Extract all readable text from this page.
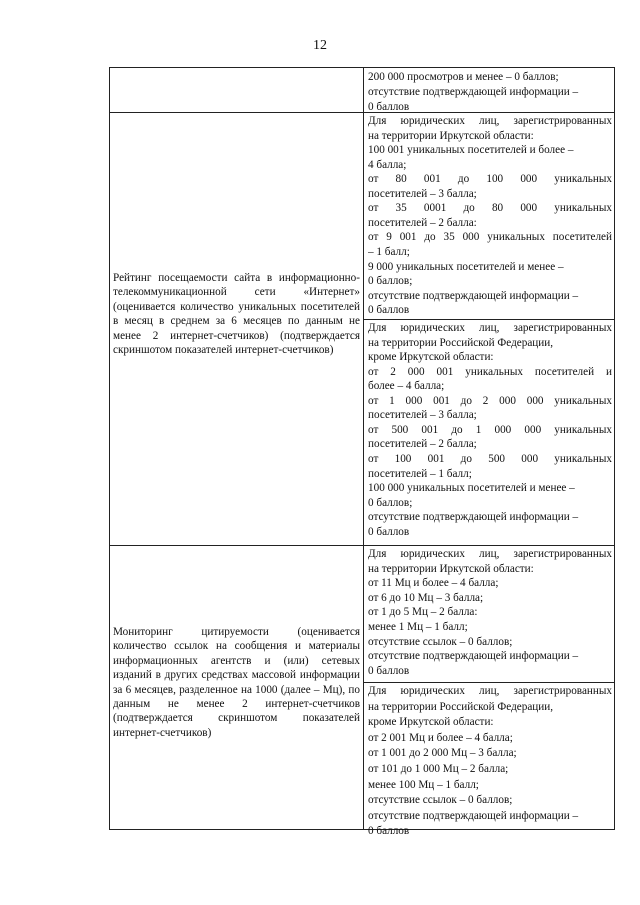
12
Рейтинг посещаемости сайта в информационно-телекоммуникационной сети «Интернет» (оценивается количество уникальных посетителей в месяц в среднем за 6 месяцев по данным не менее 2 интернет-счетчиков) (подтверждается скриншотом показателей интернет-счетчиков)
Мониторинг цитируемости (оценивается количество ссылок на сообщения и материалы информационных агентств и (или) сетевых изданий в других средствах массовой информации за 6 месяцев, разделенное на 1000 (далее – Мц), по данным не менее 2 интернет-счетчиков (подтверждается скриншотом показателей интернет-счетчиков)
200 000 просмотров и менее – 0 баллов;
отсутствие подтверждающей информации –
0 баллов
Для юридических лиц, зарегистрированных
на территории Иркутской области:
100 001 уникальных посетителей и более –
4 балла;
от 80 001 до 100 000 уникальных
посетителей – 3 балла;
от 35 0001 до 80 000 уникальных
посетителей – 2 балла:
от 9 001 до 35 000 уникальных посетителей
– 1 балл;
9 000 уникальных посетителей и менее –
0 баллов;
отсутствие подтверждающей информации –
0 баллов
Для юридических лиц, зарегистрированных
на территории Российской Федерации,
кроме Иркутской области:
от 2 000 001 уникальных посетителей и
более – 4 балла;
от 1 000 001 до 2 000 000 уникальных
посетителей – 3 балла;
от 500 001 до 1 000 000 уникальных
посетителей – 2 балла;
от 100 001 до 500 000 уникальных
посетителей – 1 балл;
100 000 уникальных посетителей и менее –
0 баллов;
отсутствие подтверждающей информации –
0 баллов
Для юридических лиц, зарегистрированных
на территории Иркутской области:
от 11 Мц и более – 4 балла;
от 6 до 10 Мц – 3 балла;
от 1 до 5 Мц – 2 балла:
менее 1 Мц – 1 балл;
отсутствие ссылок – 0 баллов;
отсутствие подтверждающей информации –
0 баллов
Для юридических лиц, зарегистрированных
на территории Российской Федерации,
кроме Иркутской области:
от 2 001 Мц и более – 4 балла;
от 1 001 до 2 000 Мц – 3 балла;
от 101 до 1 000 Мц – 2 балла;
менее 100 Мц – 1 балл;
отсутствие ссылок – 0 баллов;
отсутствие подтверждающей информации –
0 баллов
